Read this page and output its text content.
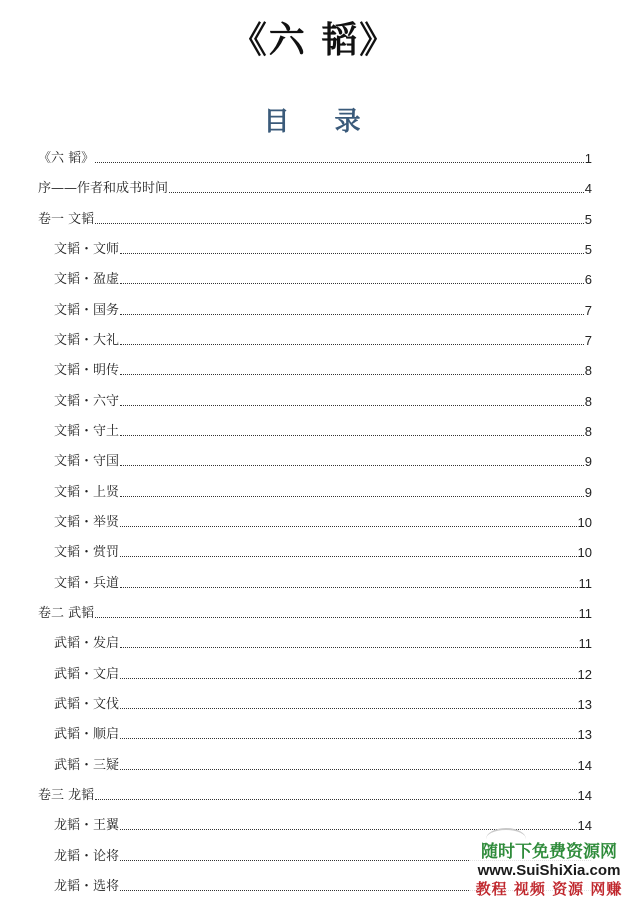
《六 韬》
目 录
《六 韬》	1
序——作者和成书时间	4
卷一 文韬	5
文韬・文师	5
文韬・盈虚	6
文韬・国务	7
文韬・大礼	7
文韬・明传	8
文韬・六守	8
文韬・守土	8
文韬・守国	9
文韬・上贤	9
文韬・举贤	10
文韬・赏罚	10
文韬・兵道	11
卷二 武韬	11
武韬・发启	11
武韬・文启	12
武韬・文伐	13
武韬・顺启	13
武韬・三疑	14
卷三 龙韬	14
龙韬・王翼	14
龙韬・论将
龙韬・选将
随时下免费资源网
www.SuiShiXia.com
教程 视频 资源 网赚
